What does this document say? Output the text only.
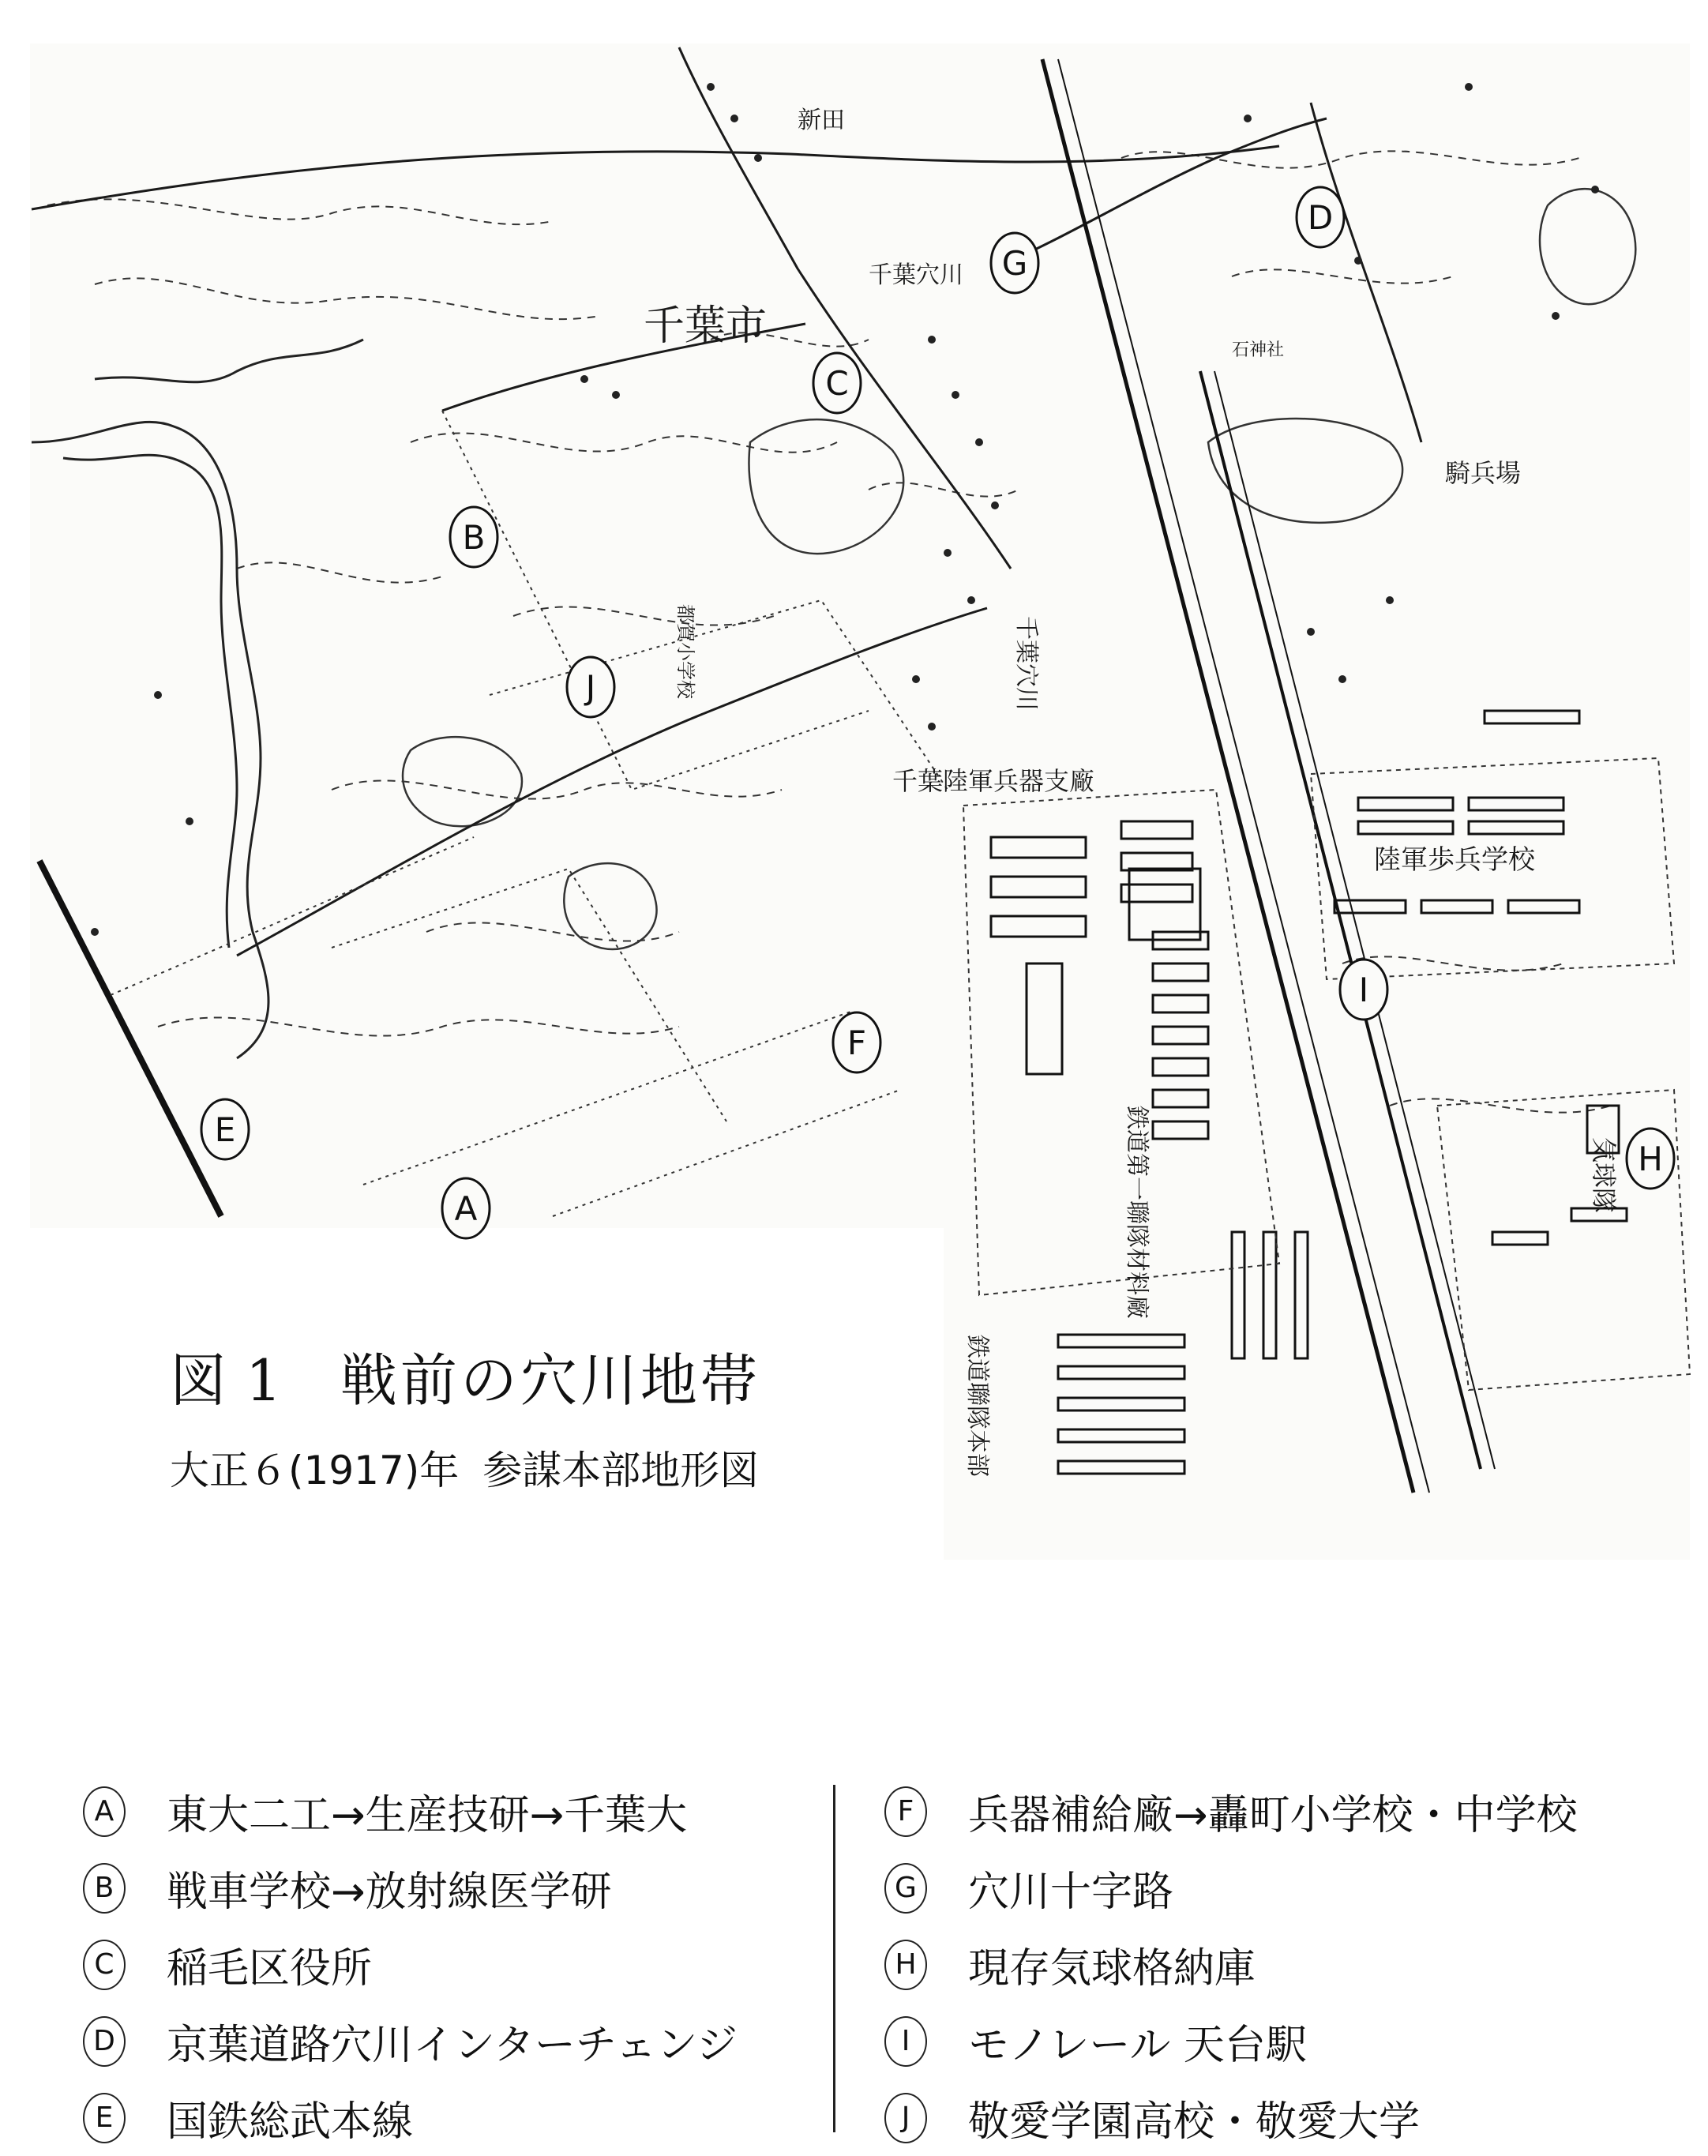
千葉市
千葉穴川
新田
千葉穴川
千葉陸軍兵器支廠
陸軍歩兵学校
鉄道第一聯隊材料廠
鉄道聯隊本部
気球隊
騎兵場
都賀小学校
石神社
A
B
C
D
E
F
G
H
I
J
図 1 戦前の穴川地帯
大正６(1917)年 参謀本部地形図
A 東大二工→生産技研→千葉大
B 戦車学校→放射線医学研
C 稲毛区役所
D 京葉道路穴川インターチェンジ
E	国鉄総武本線
F	兵器補給廠→轟町小学校・中学校
G 穴川十字路
H 現存気球格納庫
I	モノレール 天台駅
J	敬愛学園高校・敬愛大学
